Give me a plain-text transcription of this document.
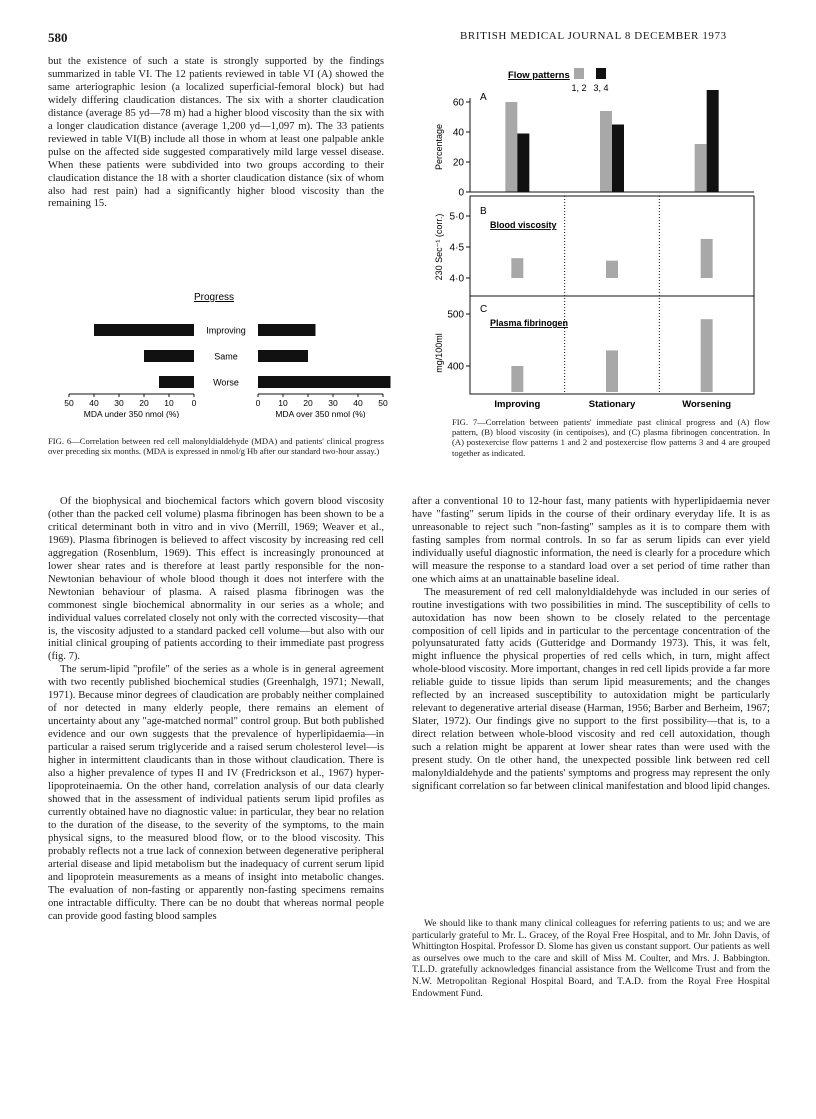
580	BRITISH MEDICAL JOURNAL 8 DECEMBER 1973

but the existence of such a state is strongly supported by the findings summarized in table VI. The 12 patients reviewed in table VI (A) showed the same arteriographic lesion (a localized superficial-femoral block) but had widely differing claudication distances. The six with a shorter claudication distance (average 85 yd—78 m) had a higher blood viscosity than the six with a longer claudication distance (average 1,200 yd—1,097 m). The 33 patients reviewed in table VI(B) include all those in whom at least one palpable ankle pulse on the affected side suggested comparatively mild large vessel disease. When these patients were subdivided into two groups according to their claudication distance the 18 with a shorter claudication distance (six of whom also had rest pain) had a significantly higher blood viscosity than the remaining 15.

Progress
Improving
Same
Worse
50 40 30 20 10 0	0 10 20 30 40 50
MDA under 350 nmol (%)	MDA over 350 nmol (%)

FIG. 6—Correlation between red cell malonyldialdehyde (MDA) and patients' clinical progress over preceding six months. (MDA is expressed in nmol/g Hb after our standard two-hour assay.)

0
20
40
60
Percentage
A
Flow patterns
1, 2 3, 4
4·0
4·5
5·0
230 Sec⁻¹ (corr.)
B
Blood viscosity
400
500
mg/100ml
C
Plasma fibrinogen
Improving	Stationary	Worsening

FIG. 7—Correlation between patients' immediate past clinical progress and (A) flow pattern, (B) blood viscosity (in centipoises), and (C) plasma fibrinogen concentration. In (A) postexercise flow patterns 1 and 2 and postexercise flow patterns 3 and 4 are grouped together as indicated.

Of the biophysical and biochemical factors which govern blood viscosity (other than the packed cell volume) plasma fibrinogen has been shown to be a critical determinant both in vitro and in vivo (Merrill, 1969; Weaver et al., 1969). Plasma fibrinogen is believed to affect viscosity by increasing red cell aggregation (Rosenblum, 1969). This effect is increasingly pronounced at lower shear rates and is therefore at least partly responsible for the non-Newtonian behaviour of whole blood though it does not interfere with the Newtonian behaviour of plasma. A raised plasma fibrinogen was the commonest single biochemical abnormality in our series as a whole; and individual values correlated closely not only with the corrected viscosity—that is, the viscosity adjusted to a standard packed cell volume—but also with our initial clinical grouping of patients according to their immediate past progress (fig. 7).

The serum-lipid "profile" of the series as a whole is in general agreement with two recently published biochemical studies (Greenhalgh, 1971; Newall, 1971). Because minor degrees of claudication are probably neither complained of nor detected in many elderly people, there remains an element of uncertainty about any "age-matched normal" control group. But both published evidence and our own suggests that the prevalence of hyperlipidaemia—in particular a raised serum triglyceride and a raised serum cholesterol level—is higher in intermittent claudicants than in those without claudication. There is also a higher prevalence of types II and IV (Fredrickson et al., 1967) hyper-lipoproteinaemia. On the other hand, correlation analysis of our data clearly showed that in the assessment of individual patients serum lipid profiles as currently obtained have no diagnostic value: in particular, they bear no relation to the duration of the disease, to the severity of the symptoms, to the main physical signs, to the measured blood flow, or to the blood viscosity. This probably reflects not a true lack of connexion between degenerative peripheral arterial disease and lipid metabolism but the inadequacy of current serum lipid and lipoprotein measurements as a means of insight into metabolic changes. The evaluation of non-fasting or apparently non-fasting specimens remains one intractable difficulty. There can be no doubt that whereas normal people can provide good fasting blood samples

after a conventional 10 to 12-hour fast, many patients with hyperlipidaemia never have "fasting" serum lipids in the course of their ordinary everyday life. It is as unreasonable to reject such "non-fasting" samples as it is to compare them with fasting samples from normal controls. In so far as serum lipids can ever yield individually useful diagnostic information, the need is clearly for a procedure which will measure the response to a standard load over a set period of time rather than one which aims at an unattainable baseline ideal.

The measurement of red cell malonyldialdehyde was included in our series of routine investigations with two possibilities in mind. The susceptibility of cells to autoxidation has now been shown to be closely related to the percentage composition of cell lipids and in particular to the percentage concentration of the polyunsaturated fatty acids (Gutteridge and Dormandy 1973). This, it was felt, might influence the physical properties of red cells which, in turn, might affect whole-blood viscosity. More important, changes in red cell lipids provide a far more reliable guide to tissue lipids than serum lipid measurements; and the changes reflected by an increased susceptibility to autoxidation might be particularly relevant to degenerative arterial disease (Harman, 1956; Barber and Berheim, 1967; Slater, 1972). Our findings give no support to the first possibility—that is, to a direct relation between whole-blood viscosity and red cell autoxidation, though such a relation might be apparent at lower shear rates than were used with the present study. On tle other hand, the unexpected possible link between red cell malonyldialdehyde and the patients' symptoms and progress may represent the only significant correlation so far between clinical manifestation and blood lipid changes.

We should like to thank many clinical colleagues for referring patients to us; and we are particularly grateful to Mr. L. Gracey, of the Royal Free Hospital, and to Mr. John Davis, of Whittington Hospital. Professor D. Slome has given us constant support. Our patients as well as ourselves owe much to the care and skill of Miss M. Coulter, and Mrs. J. Babbington. T.L.D. gratefully acknowledges financial assistance from the Wellcome Trust and from the N.W. Metropolitan Regional Hospital Board, and T.A.D. from the Royal Free Hospital Endowment Fund.
